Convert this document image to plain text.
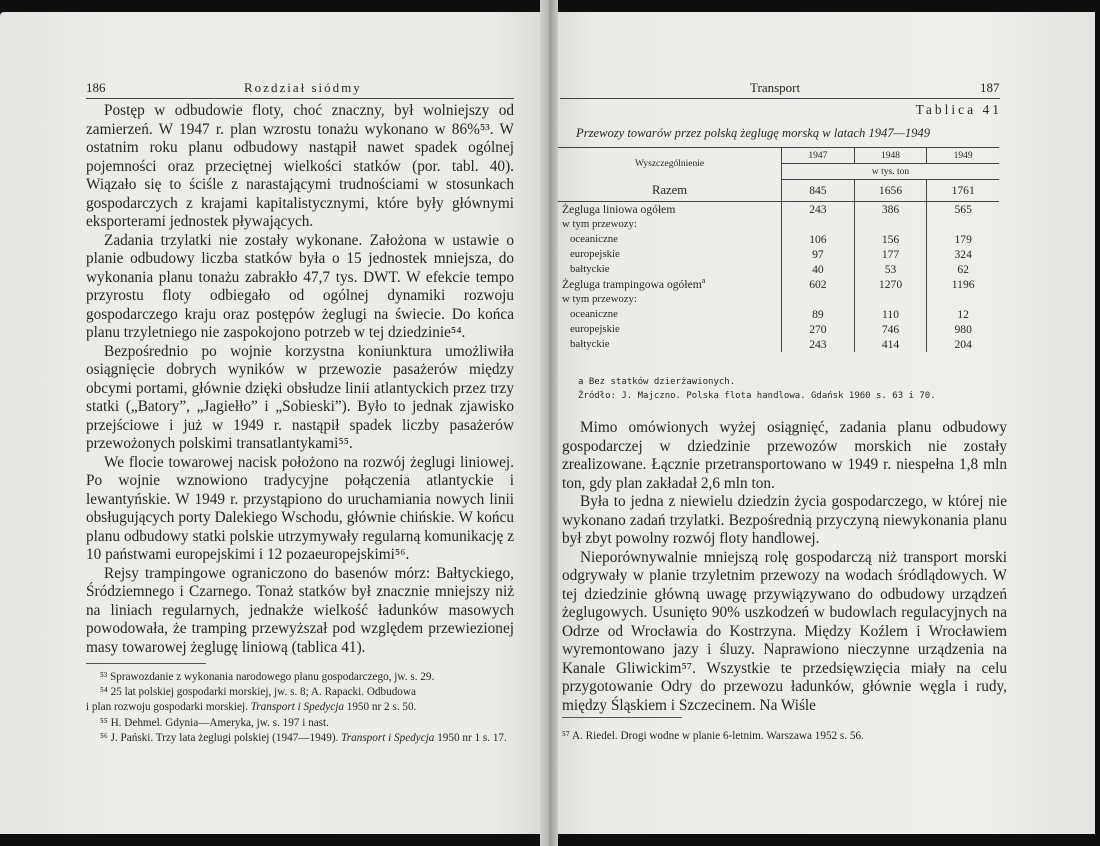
186	Rozdział siódmy

Postęp w odbudowie floty, choć znaczny, był wolniejszy od zamierzeń. W 1947 r. plan wzrostu tonażu wykonano w 86%⁵³. W ostatnim roku planu odbudowy nastąpił nawet spadek ogólnej pojemności oraz przeciętnej wielkości statków (por. tabl. 40). Wiązało się to ściśle z narastającymi trudnościami w stosunkach gospodarczych z krajami kapitalistycznymi, które były głównymi eksporterami jednostek pływających.

Zadania trzylatki nie zostały wykonane. Założona w ustawie o planie odbudowy liczba statków była o 15 jednostek mniejsza, do wykonania planu tonażu zabrakło 47,7 tys. DWT. W efekcie tempo przyrostu floty odbiegało od ogólnej dynamiki rozwoju gospodarczego kraju oraz postępów żeglugi na świecie. Do końca planu trzyletniego nie zaspokojono potrzeb w tej dziedzinie⁵⁴.

Bezpośrednio po wojnie korzystna koniunktura umożliwiła osiągnięcie dobrych wyników w przewozie pasażerów między obcymi portami, głównie dzięki obsłudze linii atlantyckich przez trzy statki („Batory”, „Jagiełło” i „Sobieski”). Było to jednak zjawisko przejściowe i już w 1949 r. nastąpił spadek liczby pasażerów przewożonych polskimi transatlantykami⁵⁵.

We flocie towarowej nacisk położono na rozwój żeglugi liniowej. Po wojnie wznowiono tradycyjne połączenia atlantyckie i lewantyńskie. W 1949 r. przystąpiono do uruchamiania nowych linii obsługujących porty Dalekiego Wschodu, głównie chińskie. W końcu planu odbudowy statki polskie utrzymywały regularną komunikację z 10 państwami europejskimi i 12 pozaeuropejskimi⁵⁶.

Rejsy trampingowe ograniczono do basenów mórz: Bałtyckiego, Śródziemnego i Czarnego. Tonaż statków był znacznie mniejszy niż na liniach regularnych, jednakże wielkość ładunków masowych powodowała, że tramping przewyższał pod względem przewiezionej masy towarowej żeglugę liniową (tablica 41).

⁵³ Sprawozdanie z wykonania narodowego planu gospodarczego, jw. s. 29.

⁵⁴ 25 lat polskiej gospodarki morskiej, jw. s. 8; A. Rapacki. Odbudowa

i plan rozwoju gospodarki morskiej. Transport i Spedycja 1950 nr 2 s. 50.

⁵⁵ H. Dehmel. Gdynia—Ameryka, jw. s. 197 i nast.

⁵⁶ J. Pański. Trzy lata żeglugi polskiej (1947—1949). Transport i Spedycja 1950 nr 1 s. 17.

Transport	187
Tablica 41
Przewozy towarów przez polską żeglugę morską w latach 1947—1949
Wyszczególnienie	1947	1948	1949
	w tys. ton		
Razem	845	1656	1761
Żegluga liniowa ogółem	243	386	565
w tym przewozy:			
oceaniczne	106	156	179
europejskie	97	177	324
bałtyckie	40	53	62
Żegluga trampingowa ogółem$^a$	602	1270	1196
w tym przewozy:			
oceaniczne	89	110	12
europejskie	270	746	980
bałtyckie	243	414	204
a Bez statków dzierżawionych.
Źródło: J. Majczno. Polska flota handlowa. Gdańsk 1960 s. 63 i 70.

Mimo omówionych wyżej osiągnięć, zadania planu odbudowy gospodarczej w dziedzinie przewozów morskich nie zostały zrealizowane. Łącznie przetransportowano w 1949 r. niespełna 1,8 mln ton, gdy plan zakładał 2,6 mln ton.

Była to jedna z niewielu dziedzin życia gospodarczego, w której nie wykonano zadań trzylatki. Bezpośrednią przyczyną niewykonania planu był zbyt powolny rozwój floty handlowej.

Nieporównywalnie mniejszą rolę gospodarczą niż transport morski odgrywały w planie trzyletnim przewozy na wodach śródlądowych. W tej dziedzinie główną uwagę przywiązywano do odbudowy urządzeń żeglugowych. Usunięto 90% uszkodzeń w budowlach regulacyjnych na Odrze od Wrocławia do Kostrzyna. Między Koźlem i Wrocławiem wyremontowano jazy i śluzy. Naprawiono nieczynne urządzenia na Kanale Gliwickim⁵⁷. Wszystkie te przedsięwzięcia miały na celu przygotowanie Odry do przewozu ładunków, głównie węgla i rudy, między Śląskiem i Szczecinem. Na Wiśle

⁵⁷ A. Riedel. Drogi wodne w planie 6-letnim. Warszawa 1952 s. 56.
